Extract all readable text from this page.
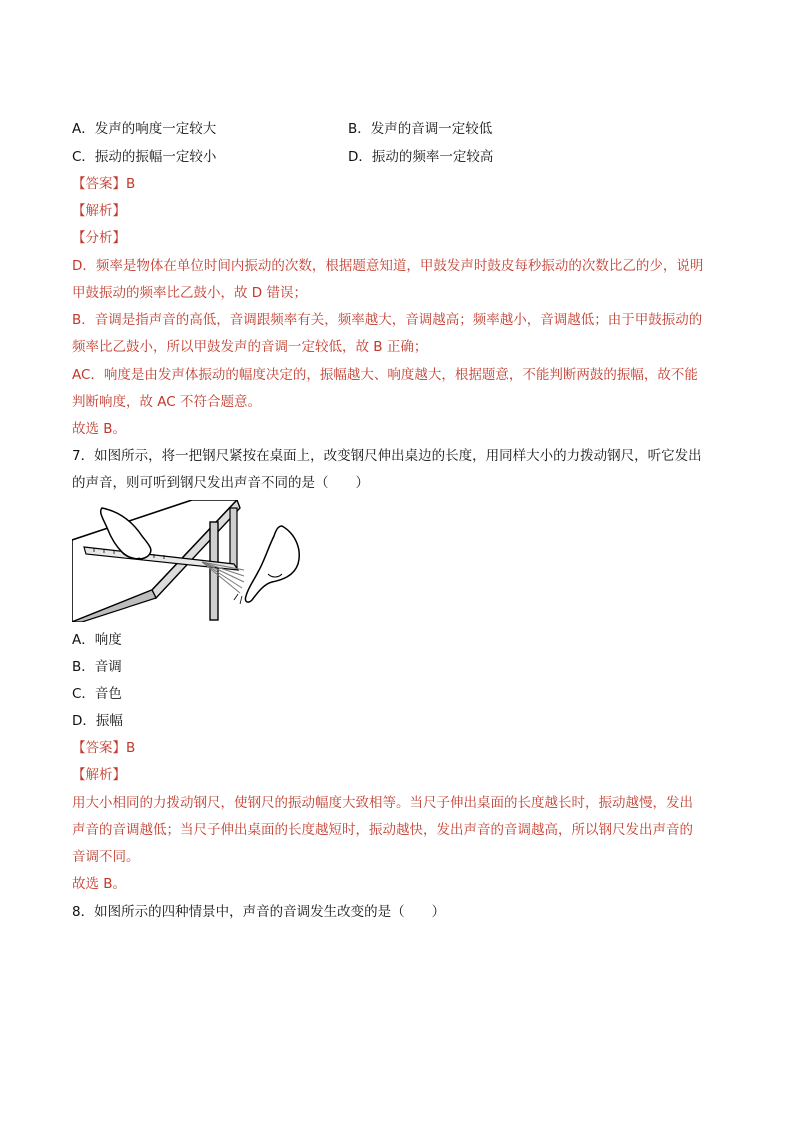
A．发声的响度一定较大	B．发声的音调一定较低
C．振动的振幅一定较小	D．振动的频率一定较高
【答案】B
【解析】
【分析】
D．频率是物体在单位时间内振动的次数，根据题意知道，甲鼓发声时鼓皮每秒振动的次数比乙的少，说明
甲鼓振动的频率比乙鼓小，故 D 错误；
B．音调是指声音的高低，音调跟频率有关，频率越大，音调越高；频率越小，音调越低；由于甲鼓振动的
频率比乙鼓小，所以甲鼓发声的音调一定较低，故 B 正确；
AC．响度是由发声体振动的幅度决定的，振幅越大、响度越大，根据题意，不能判断两鼓的振幅，故不能
判断响度，故 AC 不符合题意。
故选 B。
7．如图所示，将一把钢尺紧按在桌面上，改变钢尺伸出桌边的长度，用同样大小的力拨动钢尺，听它发出
的声音，则可听到钢尺发出声音不同的是（　　）
A．响度
B．音调
C．音色
D．振幅
【答案】B
【解析】
用大小相同的力拨动钢尺，使钢尺的振动幅度大致相等。当尺子伸出桌面的长度越长时，振动越慢，发出
声音的音调越低；当尺子伸出桌面的长度越短时，振动越快，发出声音的音调越高，所以钢尺发出声音的
音调不同。
故选 B。
8．如图所示的四种情景中，声音的音调发生改变的是（　　）
